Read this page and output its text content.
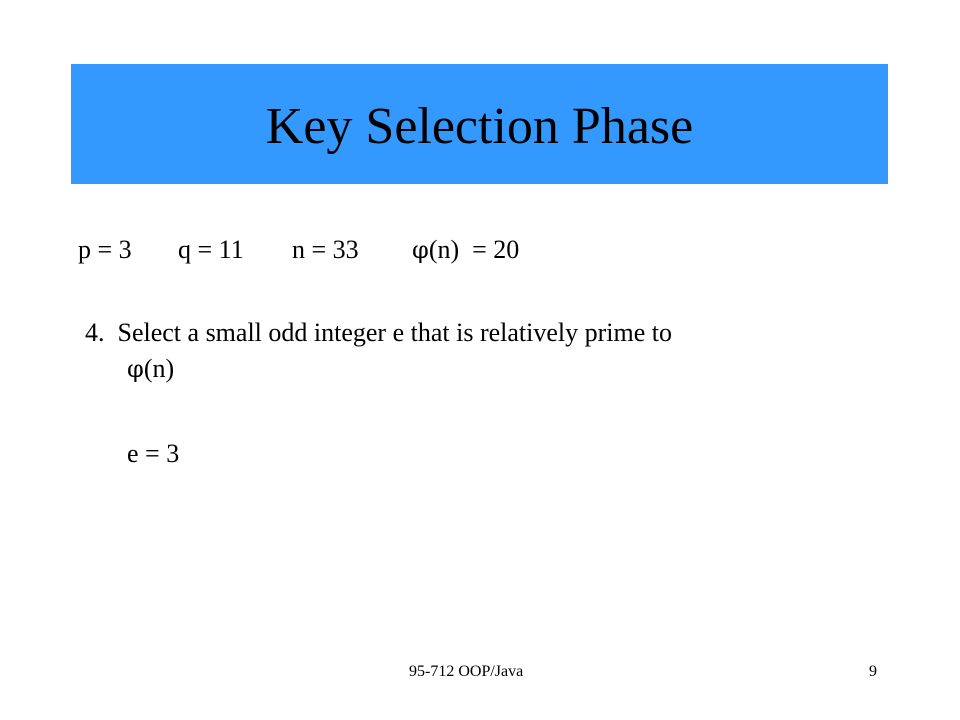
Key Selection Phase
p = 3 q = 11 n = 33 φ(n)  = 20
4.  Select a small odd integer e that is relatively prime to
φ(n)
e = 3
95-712 OOP/Java	9
